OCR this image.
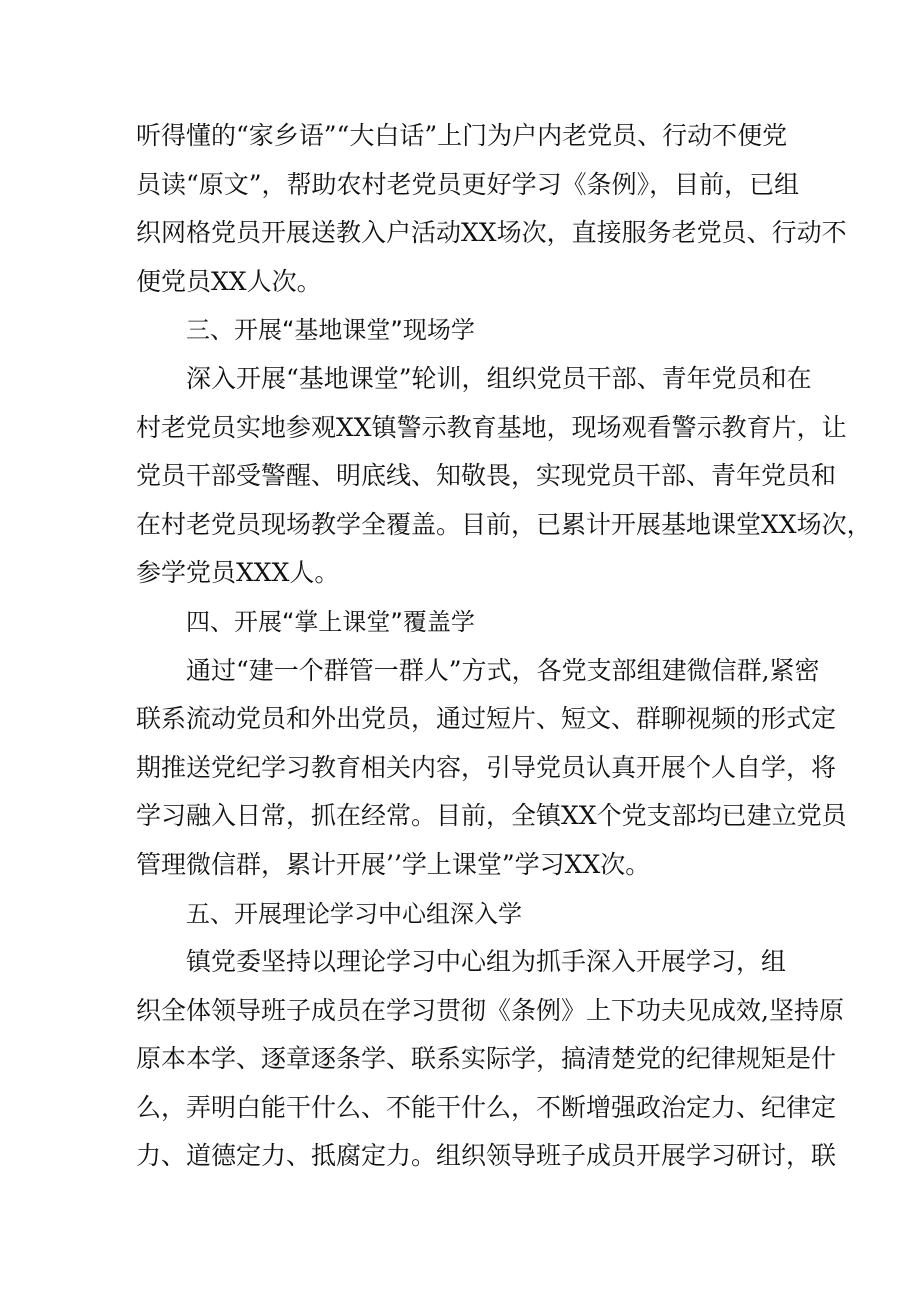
听得懂的“家乡语”“大白话”上门为户内老党员、行动不便党
员读“原文”，帮助农村老党员更好学习《条例》，目前，已组
织网格党员开展送教入户活动XX场次，直接服务老党员、行动不
便党员XX人次。
三、开展“基地课堂”现场学
深入开展“基地课堂”轮训，组织党员干部、青年党员和在
村老党员实地参观XX镇警示教育基地，现场观看警示教育片，让
党员干部受警醒、明底线、知敬畏，实现党员干部、青年党员和
在村老党员现场教学全覆盖。目前，已累计开展基地课堂XX场次，
参学党员XXX人。
四、开展“掌上课堂”覆盖学
通过“建一个群管一群人”方式，各党支部组建微信群,紧密
联系流动党员和外出党员，通过短片、短文、群聊视频的形式定
期推送党纪学习教育相关内容，引导党员认真开展个人自学，将
学习融入日常，抓在经常。目前，全镇XX个党支部均已建立党员
管理微信群，累计开展’’学上课堂”学习XX次。
五、开展理论学习中心组深入学
镇党委坚持以理论学习中心组为抓手深入开展学习，组
织全体领导班子成员在学习贯彻《条例》上下功夫见成效,坚持原
原本本学、逐章逐条学、联系实际学，搞清楚党的纪律规矩是什
么，弄明白能干什么、不能干什么，不断增强政治定力、纪律定
力、道德定力、抵腐定力。组织领导班子成员开展学习研讨，联
